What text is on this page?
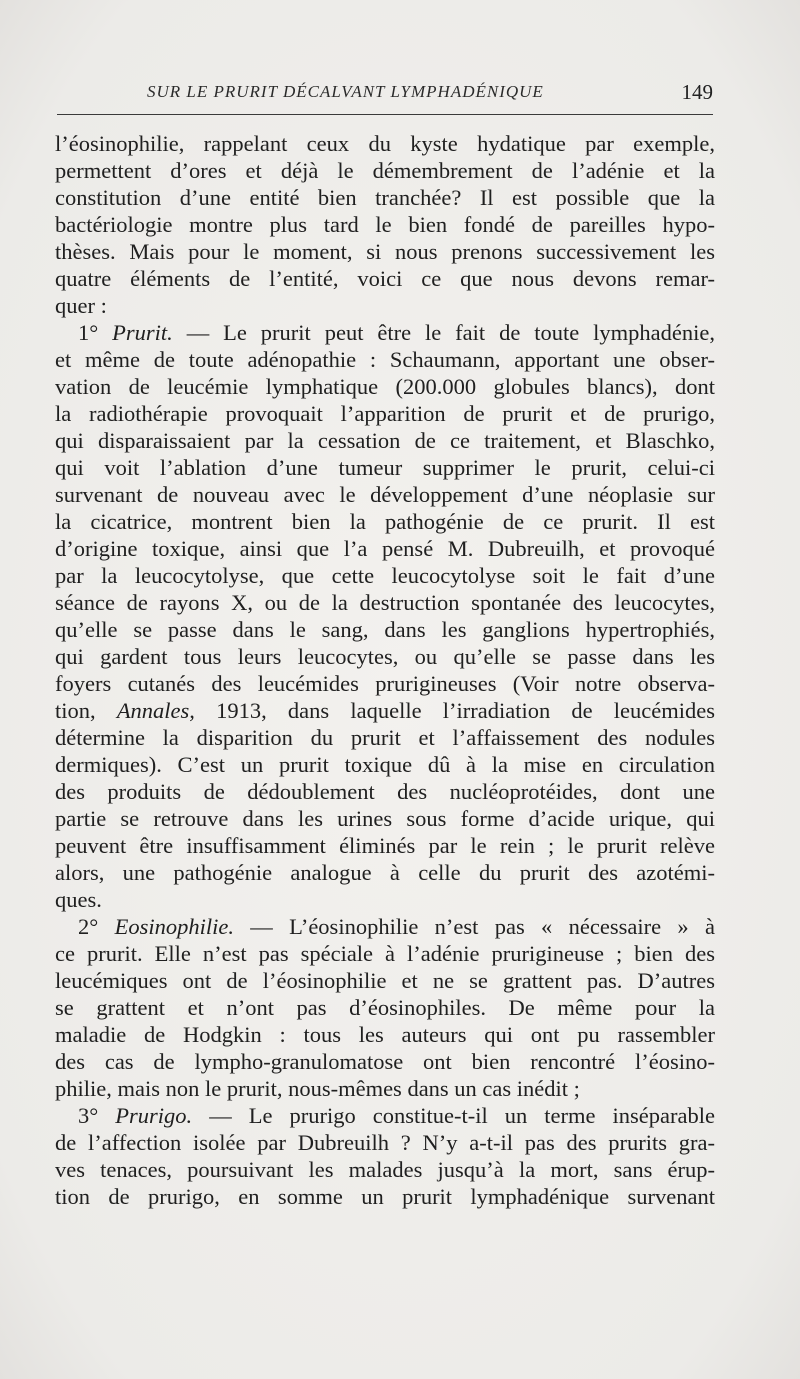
SUR LE PRURIT DÉCALVANT LYMPHADÉNIQUE	149
l’éosinophilie, rappelant ceux du kyste hydatique par exemple,
permettent d’ores et déjà le démembrement de l’adénie et la
constitution d’une entité bien tranchée? Il est possible que la
bactériologie montre plus tard le bien fondé de pareilles hypo-
thèses. Mais pour le moment, si nous prenons successivement les
quatre éléments de l’entité, voici ce que nous devons remar-
quer :
1° Prurit. — Le prurit peut être le fait de toute lymphadénie,
et même de toute adénopathie : Schaumann, apportant une obser-
vation de leucémie lymphatique (200.000 globules blancs), dont
la radiothérapie provoquait l’apparition de prurit et de prurigo,
qui disparaissaient par la cessation de ce traitement, et Blaschko,
qui voit l’ablation d’une tumeur supprimer le prurit, celui-ci
survenant de nouveau avec le développement d’une néoplasie sur
la cicatrice, montrent bien la pathogénie de ce prurit. Il est
d’origine toxique, ainsi que l’a pensé M. Dubreuilh, et provoqué
par la leucocytolyse, que cette leucocytolyse soit le fait d’une
séance de rayons X, ou de la destruction spontanée des leucocytes,
qu’elle se passe dans le sang, dans les ganglions hypertrophiés,
qui gardent tous leurs leucocytes, ou qu’elle se passe dans les
foyers cutanés des leucémides prurigineuses (Voir notre observa-
tion, Annales, 1913, dans laquelle l’irradiation de leucémides
détermine la disparition du prurit et l’affaissement des nodules
dermiques). C’est un prurit toxique dû à la mise en circulation
des produits de dédoublement des nucléoprotéides, dont une
partie se retrouve dans les urines sous forme d’acide urique, qui
peuvent être insuffisamment éliminés par le rein ; le prurit relève
alors, une pathogénie analogue à celle du prurit des azotémi-
ques.
2° Eosinophilie. — L’éosinophilie n’est pas « nécessaire » à
ce prurit. Elle n’est pas spéciale à l’adénie prurigineuse ; bien des
leucémiques ont de l’éosinophilie et ne se grattent pas. D’autres
se grattent et n’ont pas d’éosinophiles. De même pour la
maladie de Hodgkin : tous les auteurs qui ont pu rassembler
des cas de lympho-granulomatose ont bien rencontré l’éosino-
philie, mais non le prurit, nous-mêmes dans un cas inédit ;
3° Prurigo. — Le prurigo constitue-t-il un terme inséparable
de l’affection isolée par Dubreuilh ? N’y a-t-il pas des prurits gra-
ves tenaces, poursuivant les malades jusqu’à la mort, sans érup-
tion de prurigo, en somme un prurit lymphadénique survenant
